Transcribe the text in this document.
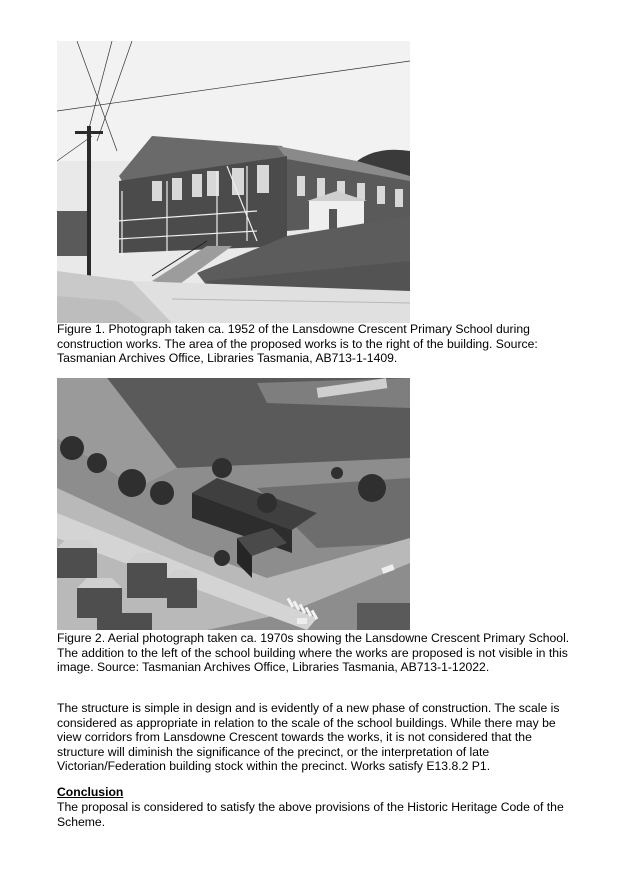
Figure 1. Photograph taken ca. 1952 of the Lansdowne Crescent Primary School during construction works. The area of the proposed works is to the right of the building. Source: Tasmanian Archives Office, Libraries Tasmania, AB713-1-1409.

Figure 2. Aerial photograph taken ca. 1970s showing the Lansdowne Crescent Primary School. The addition to the left of the school building where the works are proposed is not visible in this image. Source: Tasmanian Archives Office, Libraries Tasmania, AB713-1-12022.

The structure is simple in design and is evidently of a new phase of construction. The scale is considered as appropriate in relation to the scale of the school buildings. While there may be view corridors from Lansdowne Crescent towards the works, it is not considered that the structure will diminish the significance of the precinct, or the interpretation of late Victorian/Federation building stock within the precinct. Works satisfy E13.8.2 P1.

Conclusion

The proposal is considered to satisfy the above provisions of the Historic Heritage Code of the Scheme.
